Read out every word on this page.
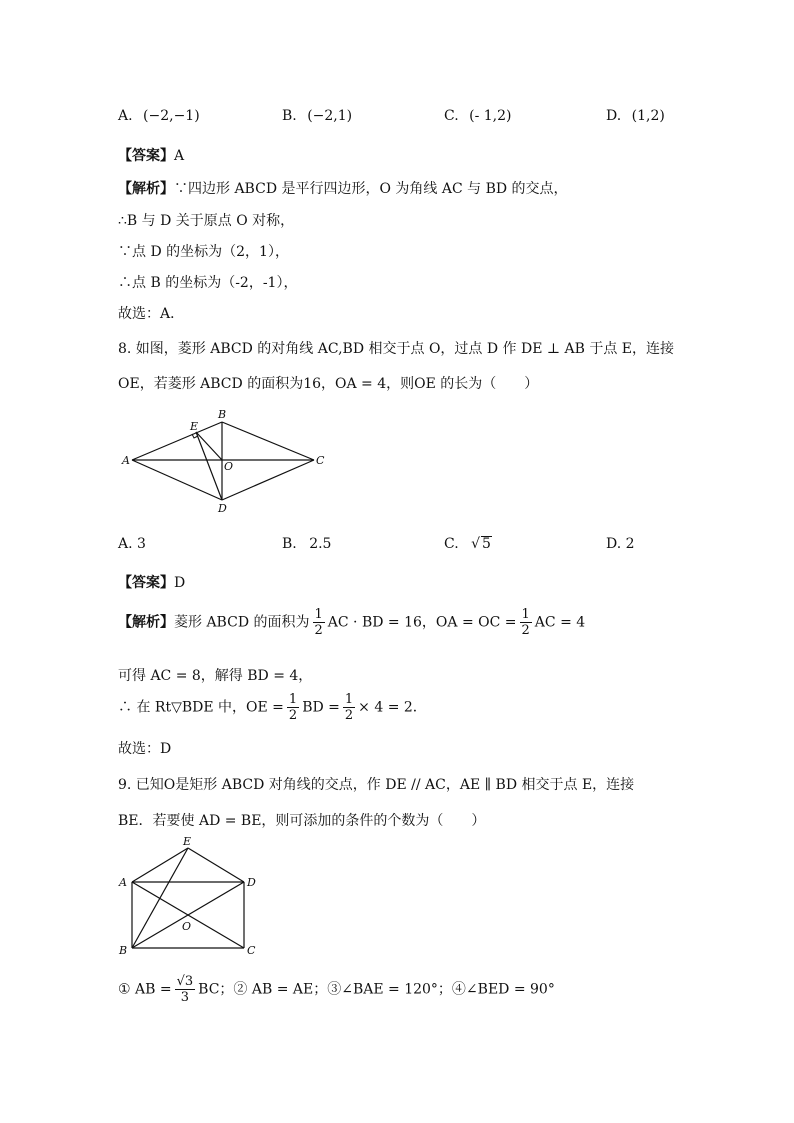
A. (−2,−1)	B. (−2,1)	C. (- 1,2)	D. (1,2)
【答案】A
【解析】∵四边形 ABCD 是平行四边形，O 为角线 AC 与 BD 的交点，
∴B 与 D 关于原点 O 对称，
∵点 D 的坐标为（2，1），
∴点 B 的坐标为（-2，-1），
故选：A．
8. 如图，菱形 ABCD 的对角线 AC,BD 相交于点 O，过点 D 作 DE ⊥ AB 于点 E，连接
OE，若菱形 ABCD 的面积为16，OA = 4，则OE 的长为（　　）
A
B
C
D
E
O
A. 3	B. 2.5	C. √ 5	D. 2
【答案】D
【解析】菱形 ABCD 的面积为 $\frac{1}{2}$ AC · BD = 16，OA = OC = $\frac{1}{2}$ AC = 4
可得 AC = 8，解得 BD = 4，
∴ 在 Rt▽BDE 中，OE = $\frac{1}{2}$ BD = $\frac{1}{2} \times 4 = 2$．
故选：D
9. 已知O是矩形 ABCD 对角线的交点，作 DE // AC，AE ∥ BD 相交于点 E，连接
BE．若要使 AD = BE，则可添加的条件的个数为（　　）
A
B	C
D
E
O
① AB = $\frac{√3}{3}$ BC；② AB = AE；③∠BAE = 120°；④∠BED = 90°
